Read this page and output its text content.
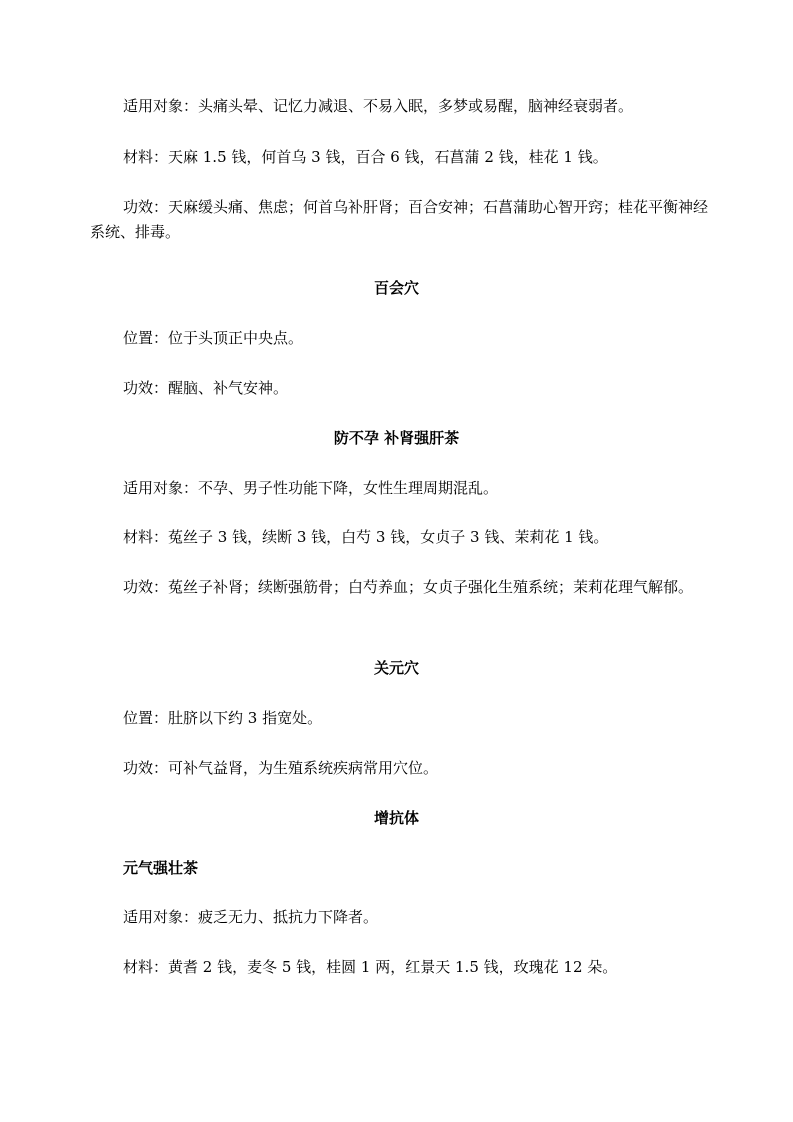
适用对象：头痛头晕、记忆力减退、不易入眠，多梦或易醒，脑神经衰弱者。
材料：天麻 1.5 钱，何首乌 3 钱，百合 6 钱，石菖蒲 2 钱，桂花 1 钱。
功效：天麻缓头痛、焦虑；何首乌补肝肾；百合安神；石菖蒲助心智开窍；桂花平衡神经系统、排毒。
百会穴
位置：位于头顶正中央点。
功效：醒脑、补气安神。
防不孕 补肾强肝茶
适用对象：不孕、男子性功能下降，女性生理周期混乱。
材料：菟丝子 3 钱，续断 3 钱，白芍 3 钱，女贞子 3 钱、茉莉花 1 钱。
功效：菟丝子补肾；续断强筋骨；白芍养血；女贞子强化生殖系统；茉莉花理气解郁。
关元穴
位置：肚脐以下约 3 指宽处。
功效：可补气益肾，为生殖系统疾病常用穴位。
增抗体
元气强壮茶
适用对象：疲乏无力、抵抗力下降者。
材料：黄耆 2 钱，麦冬 5 钱，桂圆 1 两，红景天 1.5 钱，玫瑰花 12 朵。
